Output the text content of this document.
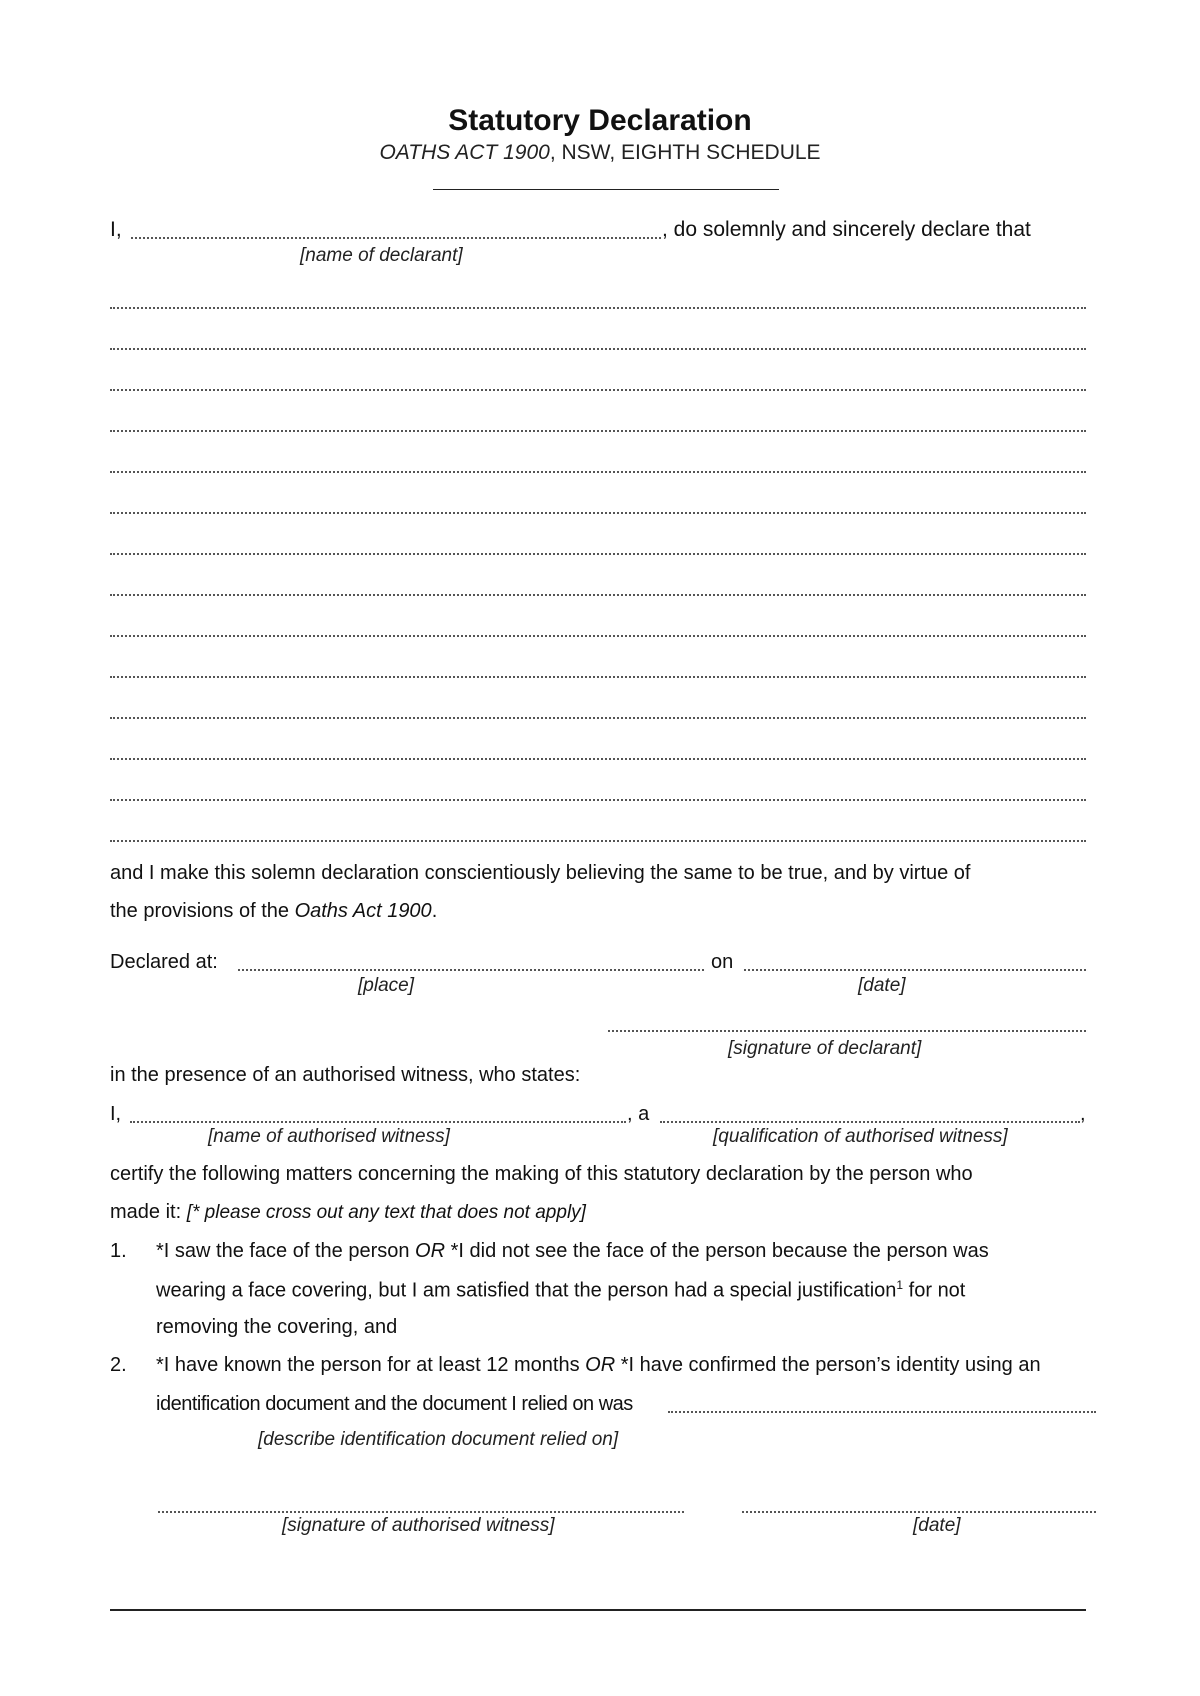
Statutory Declaration
OATHS ACT 1900, NSW, EIGHTH SCHEDULE
I,	, do solemnly and sincerely declare that
[name of declarant]
and I make this solemn declaration conscientiously believing the same to be true, and by virtue of
the provisions of the Oaths Act 1900.
Declared at:	on
[place]	[date]
[signature of declarant]
in the presence of an authorised witness, who states:
I,	, a	,
[name of authorised witness]	[qualification of authorised witness]
certify the following matters concerning the making of this statutory declaration by the person who
made it: [* please cross out any text that does not apply]
1. *I saw the face of the person OR *I did not see the face of the person because the person was
wearing a face covering, but I am satisfied that the person had a special justification$^1$ for not
removing the covering, and
2. *I have known the person for at least 12 months OR *I have confirmed the person’s identity using an
identification document and the document I relied on was
[describe identification document relied on]
[signature of authorised witness]	[date]
